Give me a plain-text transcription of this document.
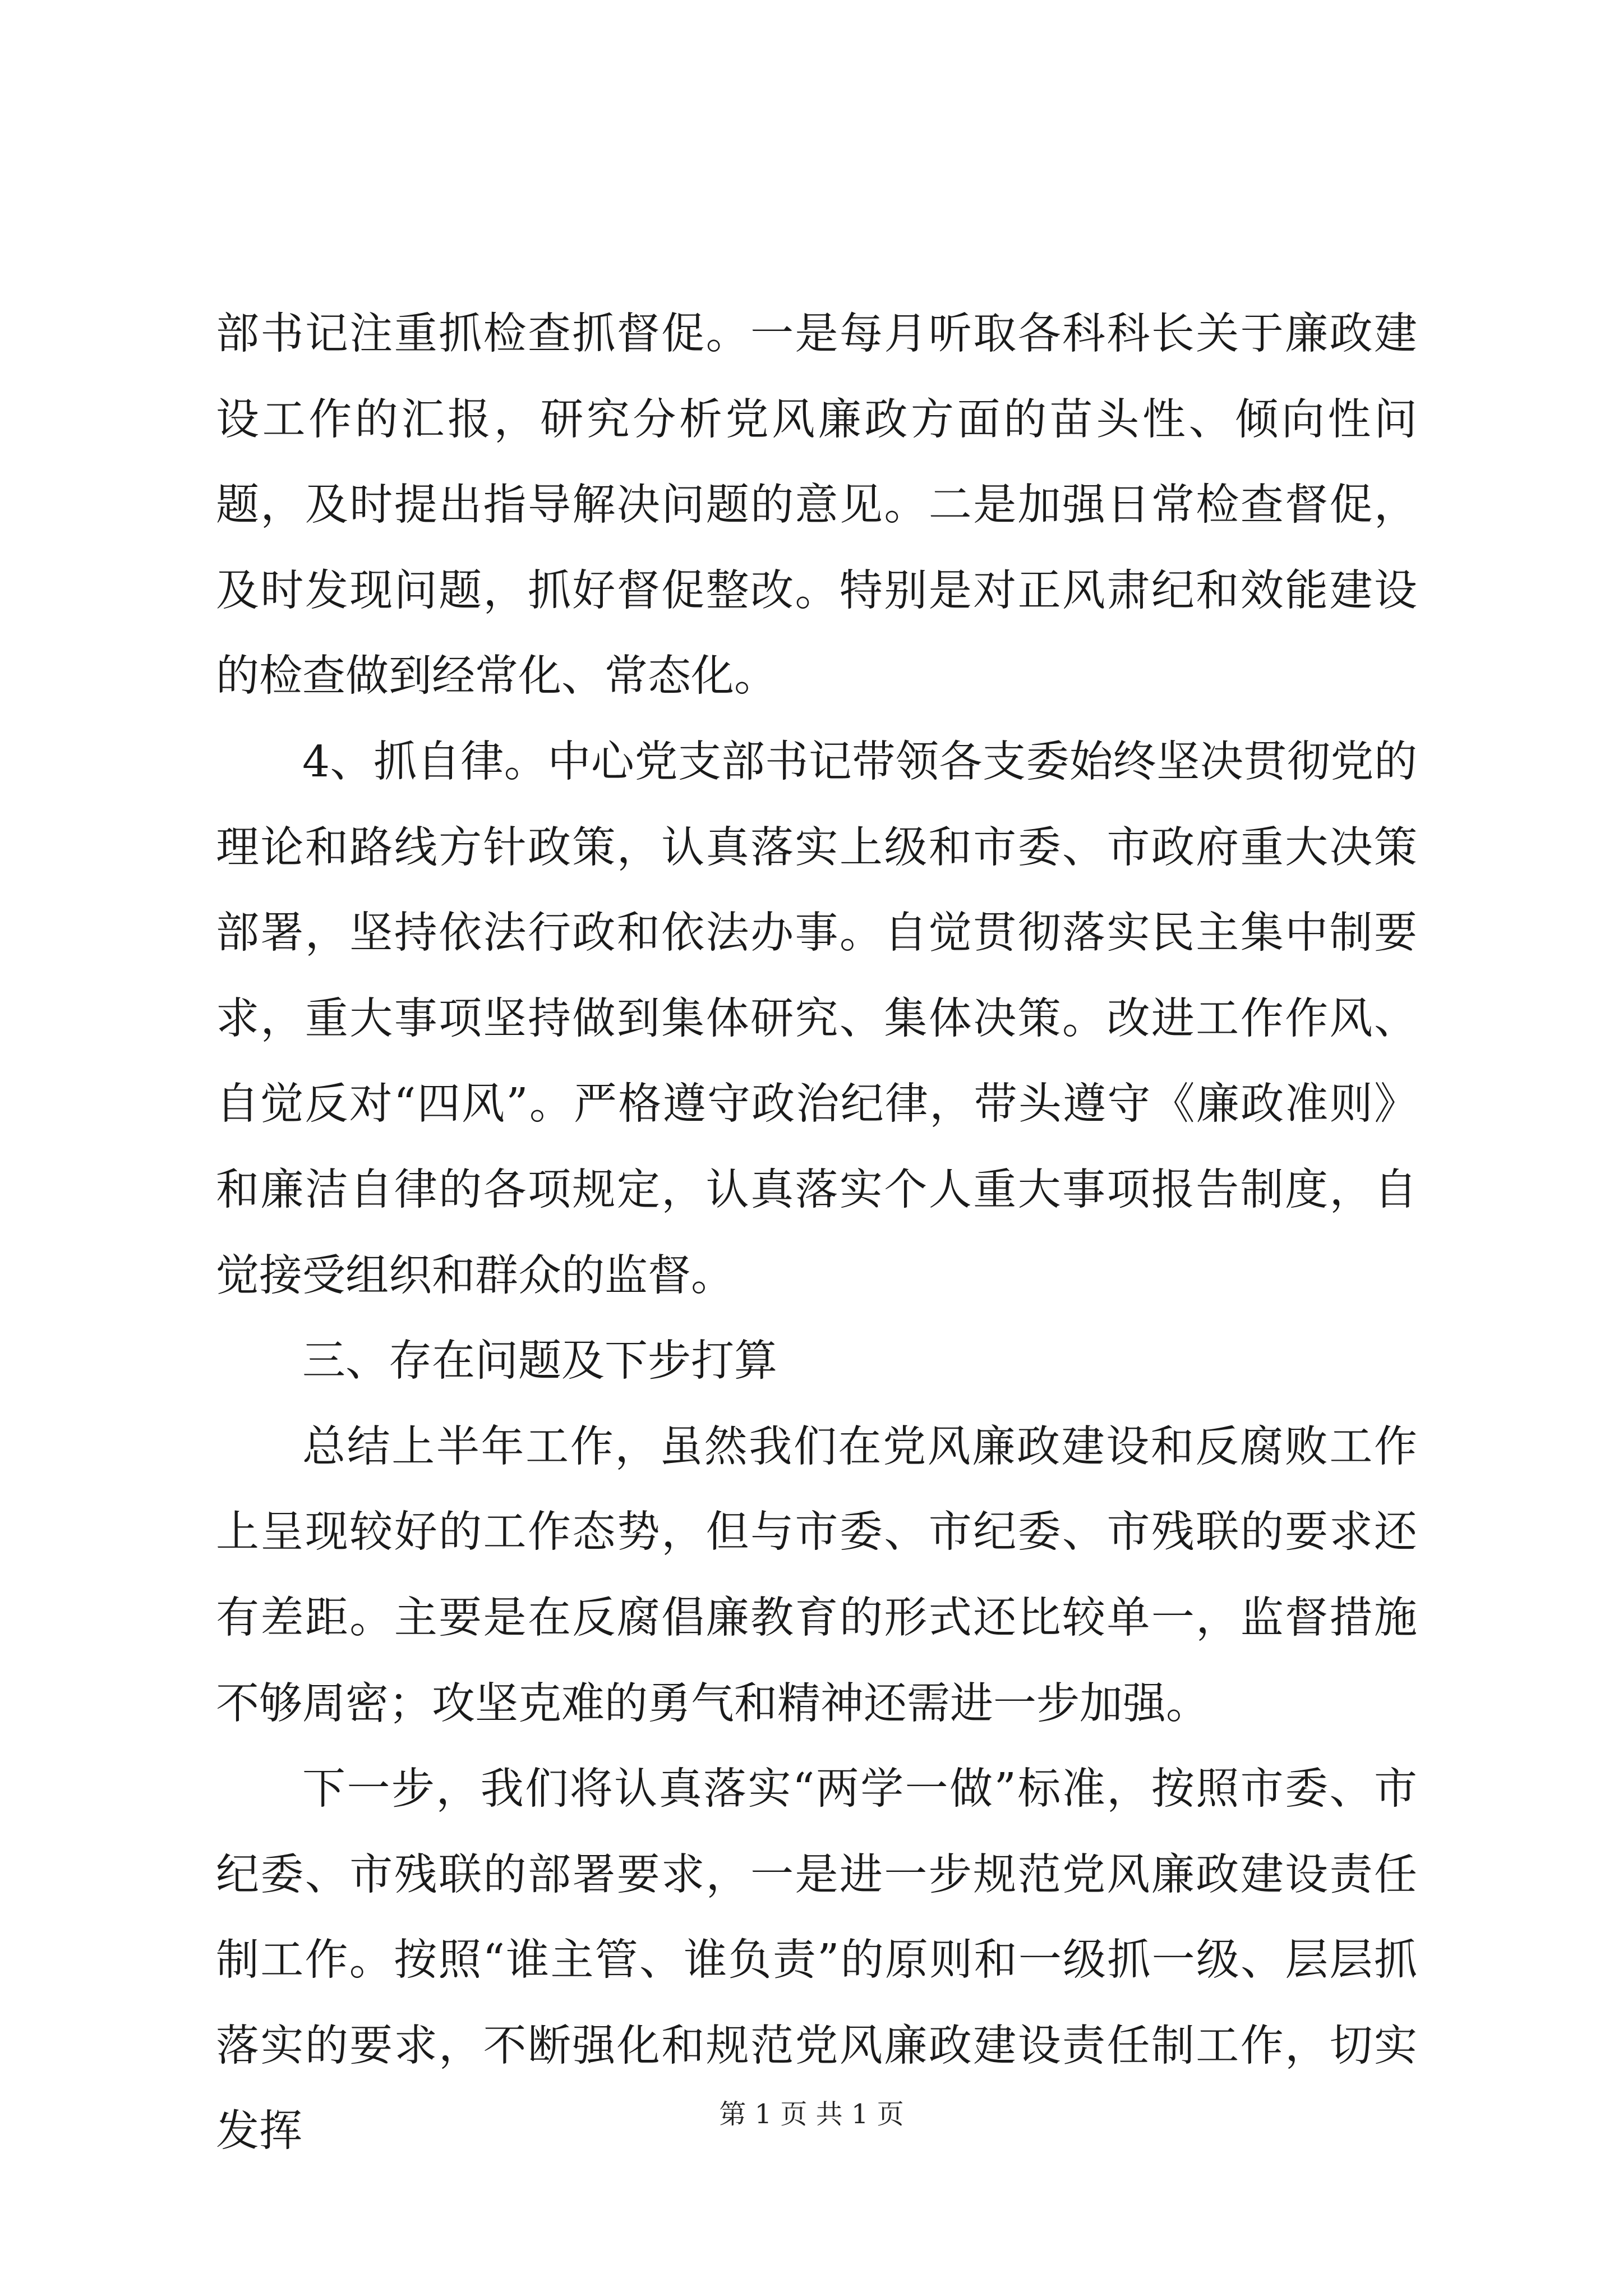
部书记注重抓检查抓督促。一是每月听取各科科长关于廉政建设工作的汇报，研究分析党风廉政方面的苗头性、倾向性问题，及时提出指导解决问题的意见。二是加强日常检查督促，及时发现问题，抓好督促整改。特别是对正风肃纪和效能建设的检查做到经常化、常态化。

4、抓自律。中心党支部书记带领各支委始终坚决贯彻党的理论和路线方针政策，认真落实上级和市委、市政府重大决策部署，坚持依法行政和依法办事。自觉贯彻落实民主集中制要求，重大事项坚持做到集体研究、集体决策。改进工作作风、自觉反对“四风”。严格遵守政治纪律，带头遵守《廉政准则》和廉洁自律的各项规定，认真落实个人重大事项报告制度，自觉接受组织和群众的监督。

三、存在问题及下步打算

总结上半年工作，虽然我们在党风廉政建设和反腐败工作上呈现较好的工作态势，但与市委、市纪委、市残联的要求还有差距。主要是在反腐倡廉教育的形式还比较单一，监督措施不够周密；攻坚克难的勇气和精神还需进一步加强。

下一步，我们将认真落实“两学一做”标准，按照市委、市纪委、市残联的部署要求，一是进一步规范党风廉政建设责任制工作。按照“谁主管、谁负责”的原则和一级抓一级、层层抓落实的要求，不断强化和规范党风廉政建设责任制工作，切实发挥	第 1 页 共 1 页
